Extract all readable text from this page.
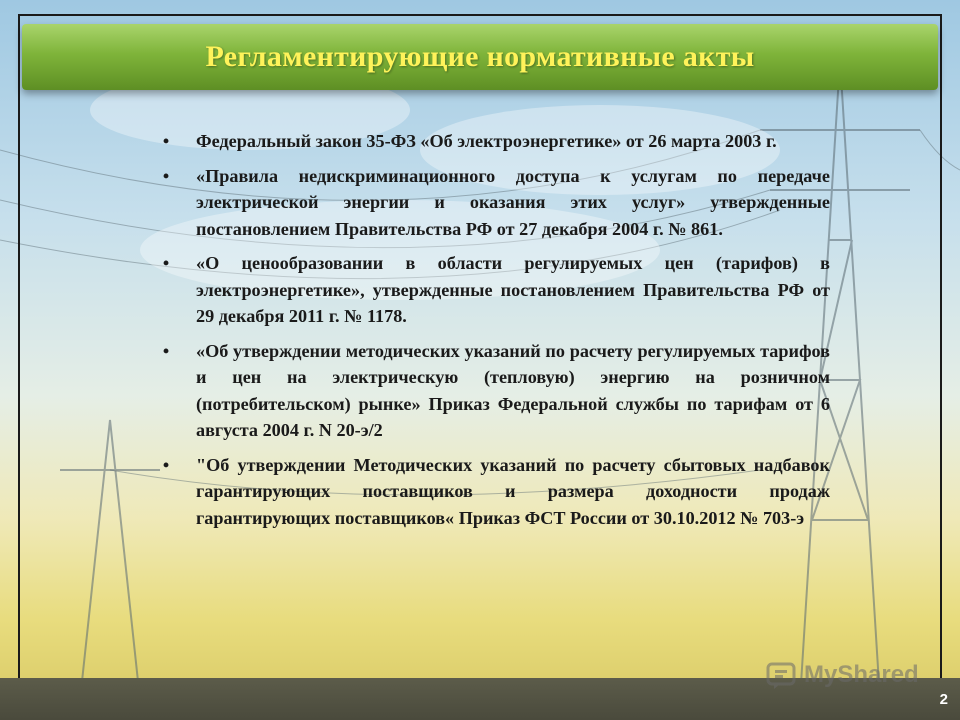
Регламентирующие нормативные акты
• Федеральный закон 35-ФЗ «Об электроэнергетике» от 26 марта 2003 г.
• «Правила недискриминационного доступа к услугам по передаче электрической энергии и оказания этих услуг» утвержденные постановлением Правительства РФ от 27 декабря 2004 г. № 861.
• «О ценообразовании в области регулируемых цен (тарифов) в электроэнергетике», утвержденные постановлением Правительства РФ от 29 декабря 2011 г. № 1178.
• «Об утверждении методических указаний по расчету регулируемых тарифов и цен на электрическую (тепловую) энергию на розничном (потребительском) рынке» Приказ Федеральной службы по тарифам от 6 августа 2004 г. N 20-э/2
• "Об утверждении Методических указаний по расчету сбытовых надбавок гарантирующих поставщиков и размера доходности продаж гарантирующих поставщиков« Приказ ФСТ России от 30.10.2012 № 703-э
MyShared
2
